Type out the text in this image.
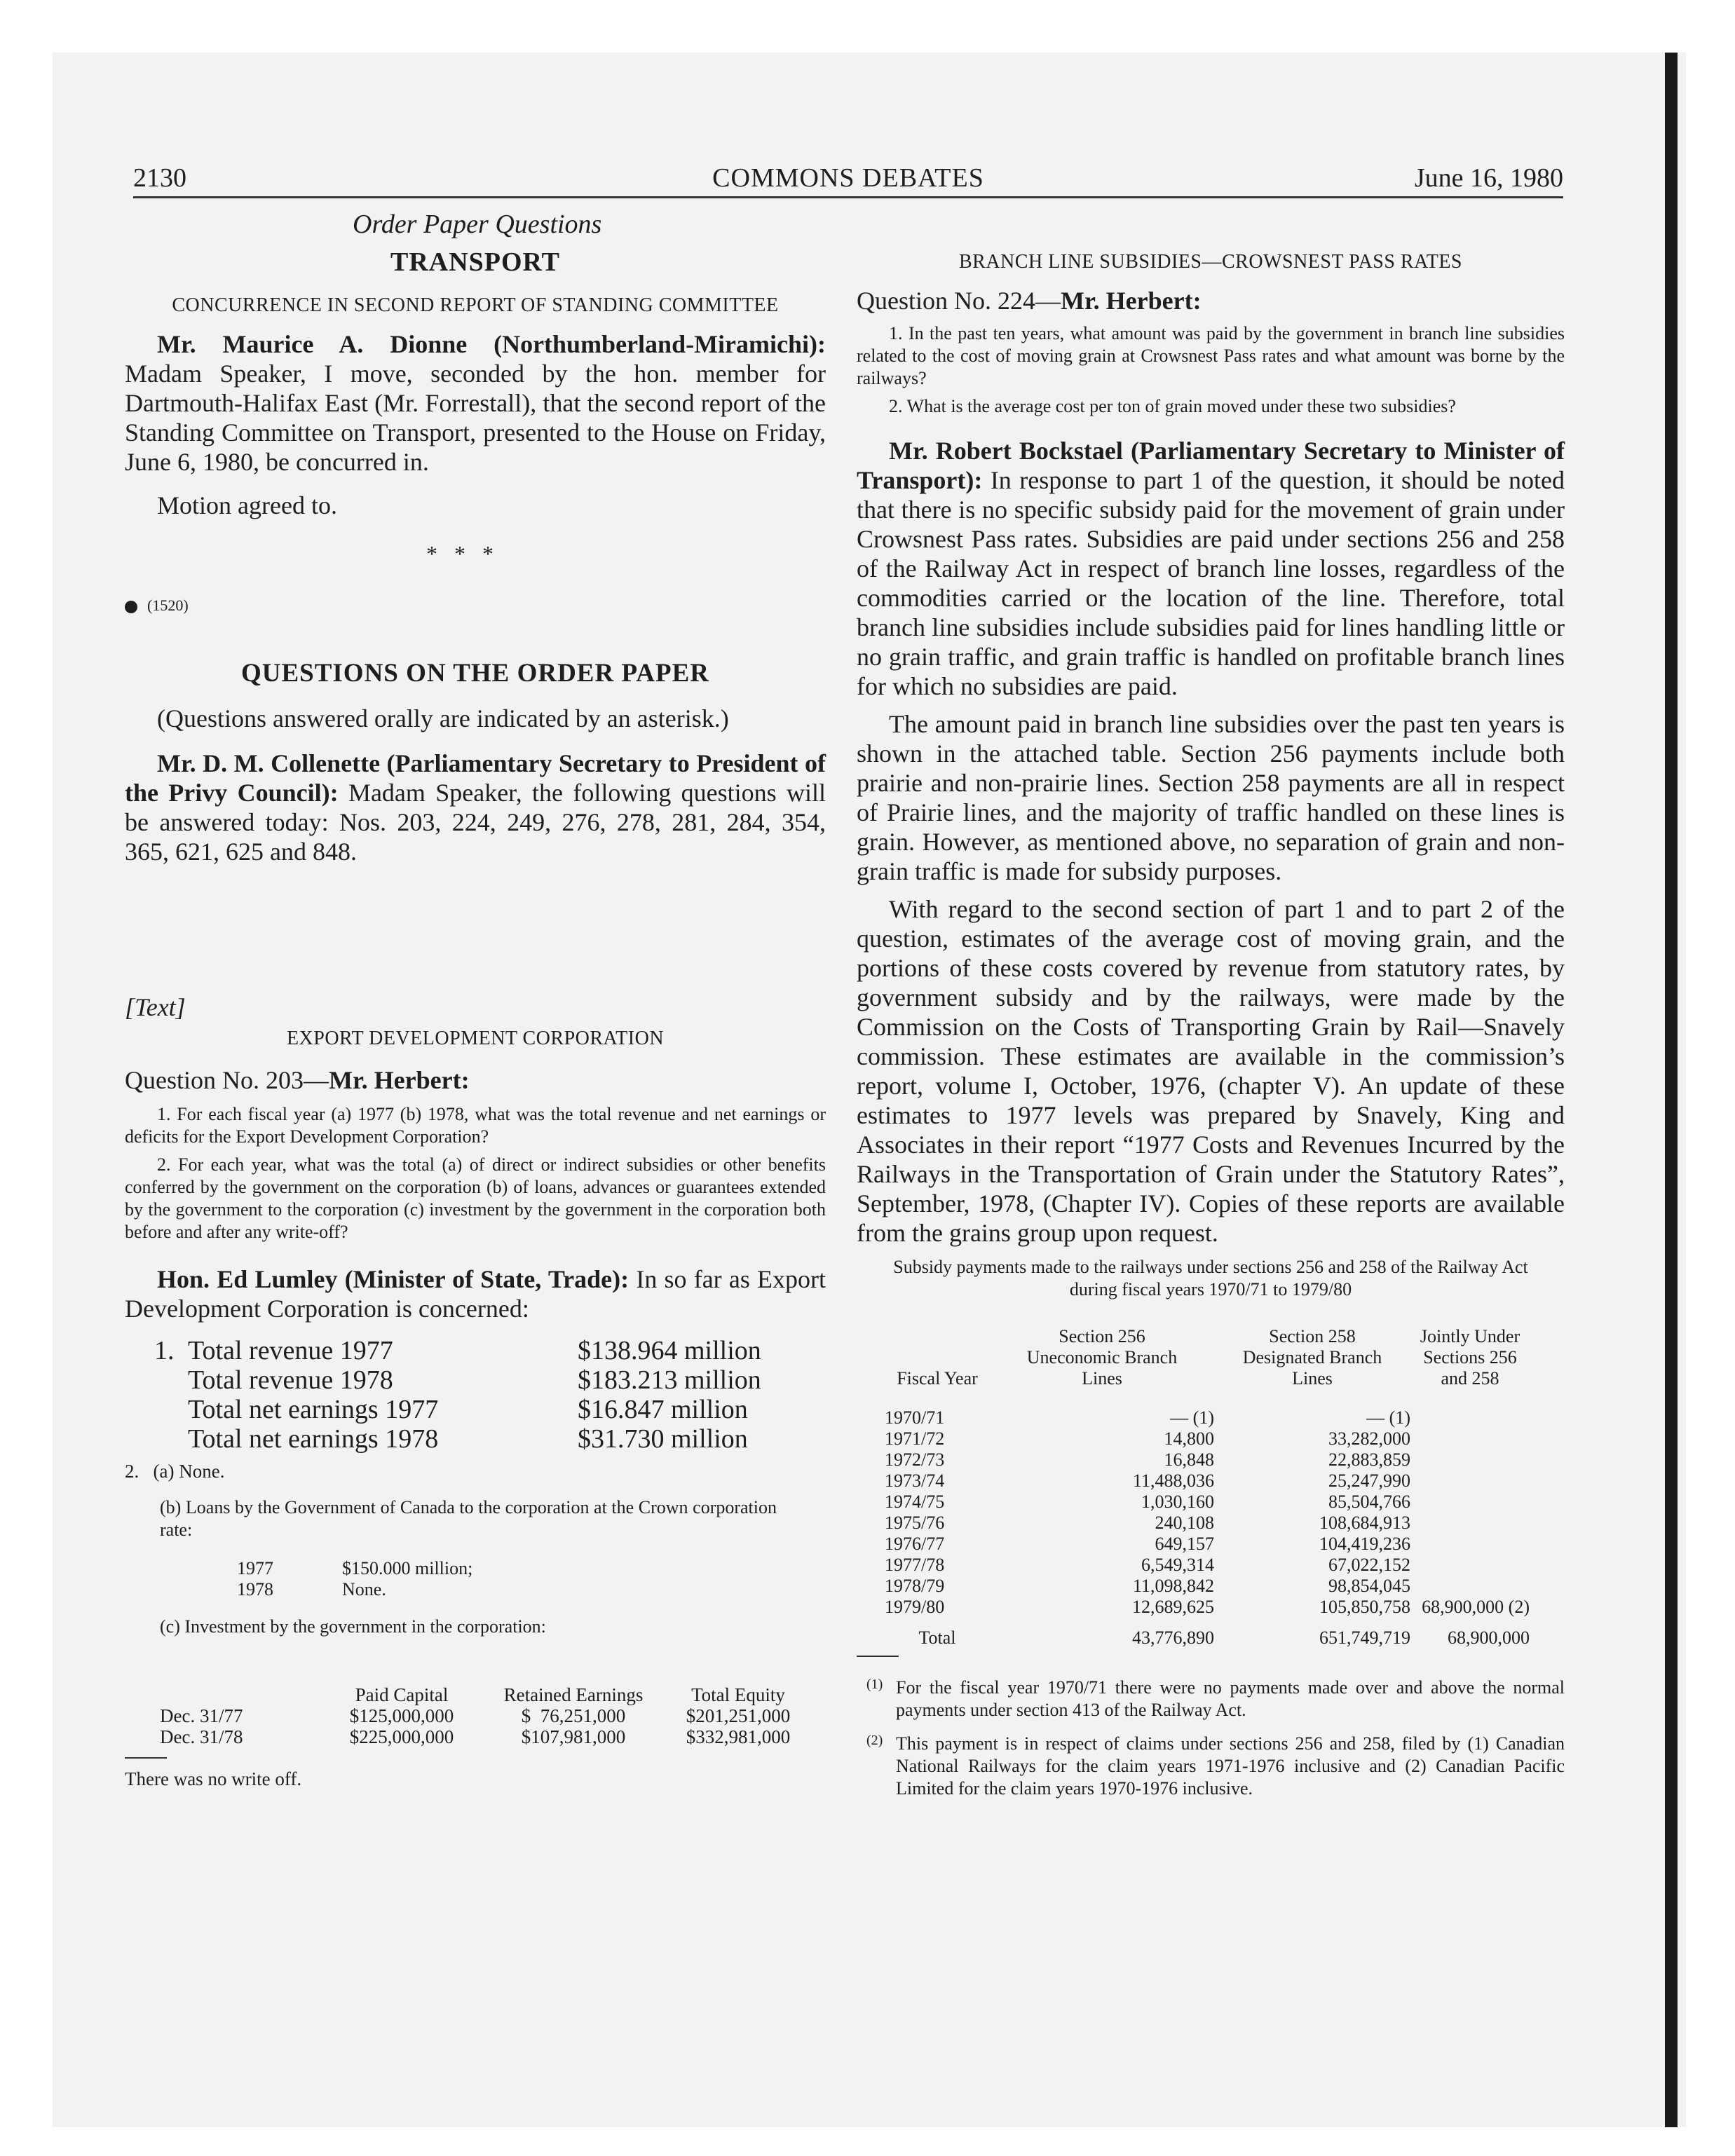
2130	COMMONS DEBATES	June 16, 1980
Order Paper Questions
TRANSPORT
CONCURRENCE IN SECOND REPORT OF STANDING COMMITTEE

Mr. Maurice A. Dionne (Northumberland-Miramichi): Madam Speaker, I move, seconded by the hon. member for Dartmouth-Halifax East (Mr. Forrestall), that the second report of the Standing Committee on Transport, presented to the House on Friday, June 6, 1980, be concurred in.

Motion agreed to.

*   *   *
(1520)
QUESTIONS ON THE ORDER PAPER

(Questions answered orally are indicated by an asterisk.)

Mr. D. M. Collenette (Parliamentary Secretary to President of the Privy Council): Madam Speaker, the following questions will be answered today: Nos. 203, 224, 249, 276, 278, 281, 284, 354, 365, 621, 625 and 848.

[Text]
EXPORT DEVELOPMENT CORPORATION
Question No. 203—Mr. Herbert:

1. For each fiscal year (a) 1977 (b) 1978, what was the total revenue and net earnings or deficits for the Export Development Corporation?

2. For each year, what was the total (a) of direct or indirect subsidies or other benefits conferred by the government on the corporation (b) of loans, advances or guarantees extended by the government to the corporation (c) investment by the government in the corporation both before and after any write-off?

Hon. Ed Lumley (Minister of State, Trade): In so far as Export Development Corporation is concerned:

1.	Total revenue 1977	$138.964 million
	Total revenue 1978	$183.213 million
	Total net earnings 1977	$16.847 million
	Total net earnings 1978	$31.730 million
2.   (a) None.

(b) Loans by the Government of Canada to the corporation at the Crown corporation rate:

1977	$150.000 million;
1978	None.

(c) Investment by the government in the corporation:

	Paid Capital	Retained Earnings	Total Equity
Dec. 31/77	$125,000,000	$  76,251,000	$201,251,000
Dec. 31/78	$225,000,000	$107,981,000	$332,981,000
There was no write off.
BRANCH LINE SUBSIDIES—CROWSNEST PASS RATES
Question No. 224—Mr. Herbert:

1. In the past ten years, what amount was paid by the government in branch line subsidies related to the cost of moving grain at Crowsnest Pass rates and what amount was borne by the railways?

2. What is the average cost per ton of grain moved under these two subsidies?

Mr. Robert Bockstael (Parliamentary Secretary to Minister of Transport): In response to part 1 of the question, it should be noted that there is no specific subsidy paid for the movement of grain under Crowsnest Pass rates. Subsidies are paid under sections 256 and 258 of the Railway Act in respect of branch line losses, regardless of the commodities carried or the location of the line. Therefore, total branch line subsidies include subsidies paid for lines handling little or no grain traffic, and grain traffic is handled on profitable branch lines for which no subsidies are paid.

The amount paid in branch line subsidies over the past ten years is shown in the attached table. Section 256 payments include both prairie and non-prairie lines. Section 258 payments are all in respect of Prairie lines, and the majority of traffic handled on these lines is grain. However, as mentioned above, no separation of grain and non-grain traffic is made for subsidy purposes.

With regard to the second section of part 1 and to part 2 of the question, estimates of the average cost of moving grain, and the portions of these costs covered by revenue from statutory rates, by government subsidy and by the railways, were made by the Commission on the Costs of Transporting Grain by Rail—Snavely commission. These estimates are available in the commission’s report, volume I, October, 1976, (chapter V). An update of these estimates to 1977 levels was prepared by Snavely, King and Associates in their report “1977 Costs and Revenues Incurred by the Railways in the Transportation of Grain under the Statutory Rates”, September, 1978, (Chapter IV). Copies of these reports are available from the grains group upon request.

Subsidy payments made to the railways under sections 256 and 258 of the Railway Act during fiscal years 1970/71 to 1979/80

Fiscal Year	Section 256 Uneconomic Branch Lines	Section 258 Designated Branch Lines	Jointly Under Sections 256 and 258

1970/71	— (1)	— (1)	
1971/72	14,800	33,282,000	
1972/73	16,848	22,883,859	
1973/74	11,488,036	25,247,990	
1974/75	1,030,160	85,504,766	
1975/76	240,108	108,684,913	
1976/77	649,157	104,419,236	
1977/78	6,549,314	67,022,152	
1978/79	11,098,842	98,854,045	
1979/80	12,689,625	105,850,758	68,900,000 (2)

Total	43,776,890	651,749,719	68,900,000
(1) For the fiscal year 1970/71 there were no payments made over and above the normal payments under section 413 of the Railway Act.

(2) This payment is in respect of claims under sections 256 and 258, filed by (1) Canadian National Railways for the claim years 1971-1976 inclusive and (2) Canadian Pacific Limited for the claim years 1970-1976 inclusive.
